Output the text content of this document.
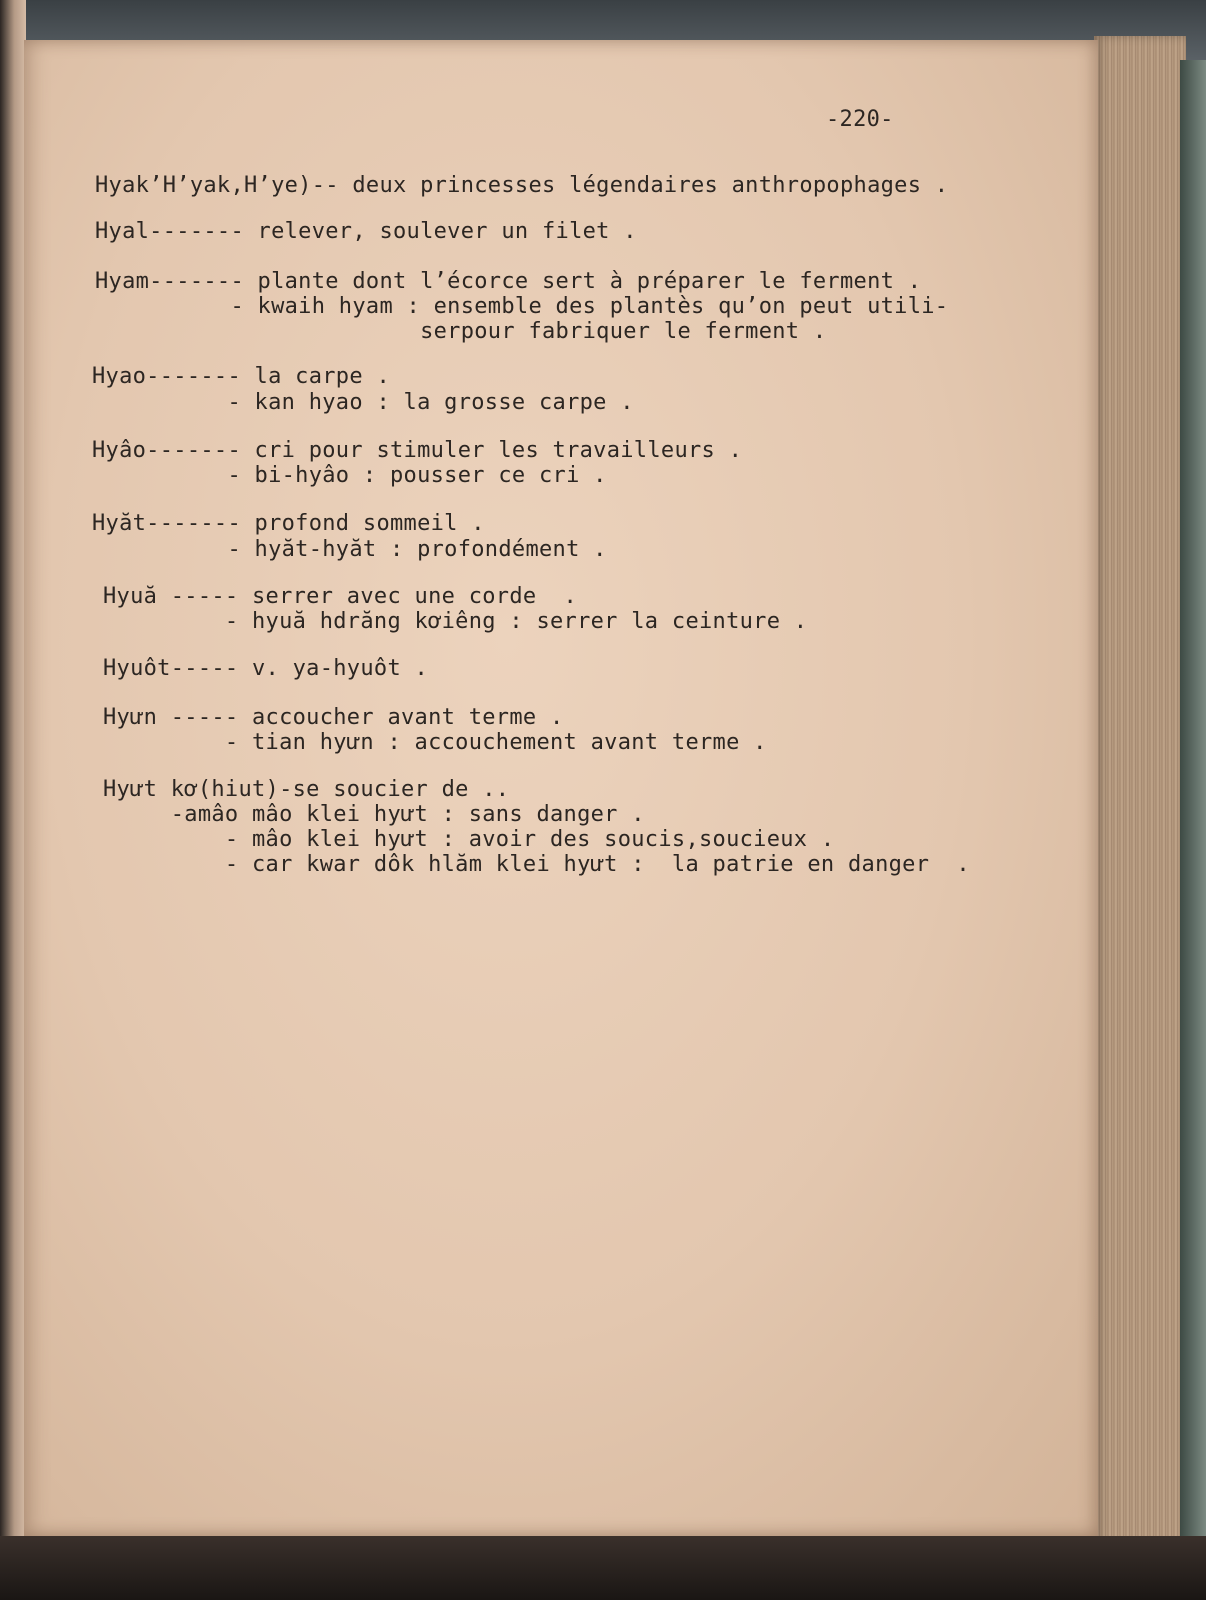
-220-
Hyak’H’yak,H’ye)-- deux princesses légendaires anthropophages .
Hyal------- relever, soulever un filet .
Hyam------- plante dont l’écorce sert à préparer le ferment .
- kwaih hyam : ensemble des plantès qu’on peut utili-
serpour fabriquer le ferment .
Hyao------- la carpe .
- kan hyao : la grosse carpe .
Hyâo------- cri pour stimuler les travailleurs .
- bi-hyâo : pousser ce cri .
Hyăt------- profond sommeil .
- hyăt-hyăt : profondément .
Hyuă ----- serrer avec une corde  .
- hyuă hdrăng kơiêng : serrer la ceinture .
Hyuôt----- v. ya-hyuôt .
Hyưn ----- accoucher avant terme .
- tian hyưn : accouchement avant terme .
Hyưt kơ(hiut)-se soucier de ..
-amâo mâo klei hyưt : sans danger .
- mâo klei hyưt : avoir des soucis,soucieux .
- car kwar dôk hlăm klei hyưt :  la patrie en danger  .
